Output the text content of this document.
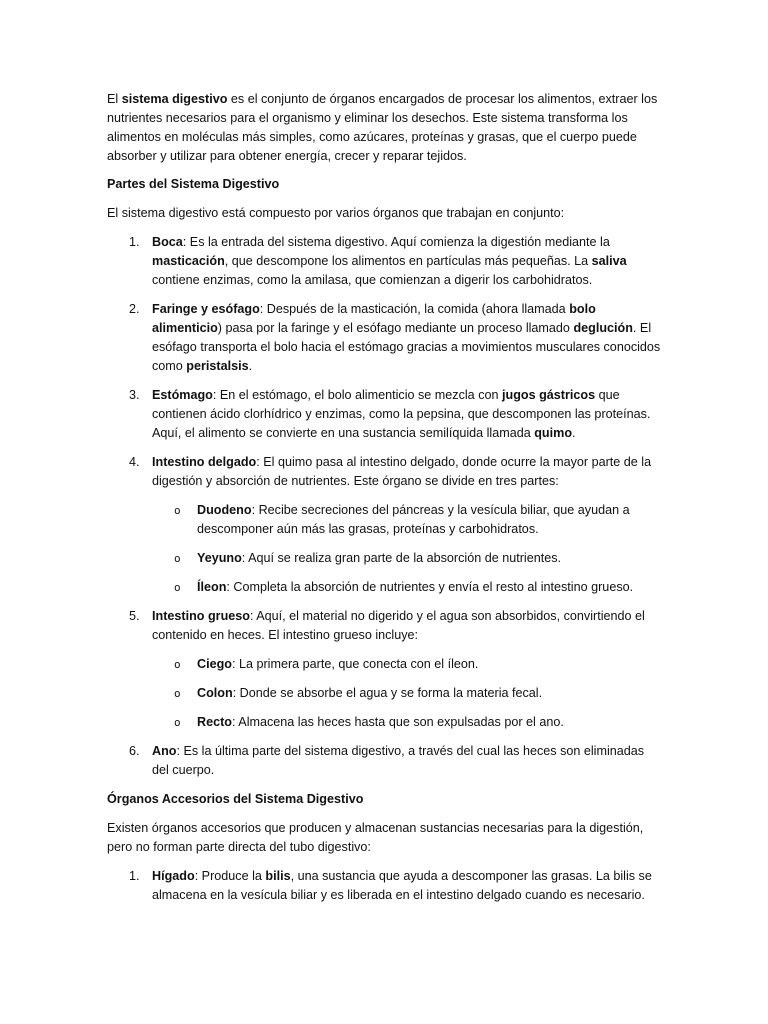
El sistema digestivo es el conjunto de órganos encargados de procesar los alimentos, extraer los nutrientes necesarios para el organismo y eliminar los desechos. Este sistema transforma los alimentos en moléculas más simples, como azúcares, proteínas y grasas, que el cuerpo puede absorber y utilizar para obtener energía, crecer y reparar tejidos.

Partes del Sistema Digestivo

El sistema digestivo está compuesto por varios órganos que trabajan en conjunto:

1. Boca: Es la entrada del sistema digestivo. Aquí comienza la digestión mediante la masticación, que descompone los alimentos en partículas más pequeñas. La saliva contiene enzimas, como la amilasa, que comienzan a digerir los carbohidratos.
2. Faringe y esófago: Después de la masticación, la comida (ahora llamada bolo alimenticio) pasa por la faringe y el esófago mediante un proceso llamado deglución. El esófago transporta el bolo hacia el estómago gracias a movimientos musculares conocidos como peristalsis.
3. Estómago: En el estómago, el bolo alimenticio se mezcla con jugos gástricos que contienen ácido clorhídrico y enzimas, como la pepsina, que descomponen las proteínas. Aquí, el alimento se convierte en una sustancia semilíquida llamada quimo.
4. Intestino delgado: El quimo pasa al intestino delgado, donde ocurre la mayor parte de la digestión y absorción de nutrientes. Este órgano se divide en tres partes:
o Duodeno: Recibe secreciones del páncreas y la vesícula biliar, que ayudan a descomponer aún más las grasas, proteínas y carbohidratos.
o Yeyuno: Aquí se realiza gran parte de la absorción de nutrientes.
o Íleon: Completa la absorción de nutrientes y envía el resto al intestino grueso.
5. Intestino grueso: Aquí, el material no digerido y el agua son absorbidos, convirtiendo el contenido en heces. El intestino grueso incluye:
o Ciego: La primera parte, que conecta con el íleon.
o Colon: Donde se absorbe el agua y se forma la materia fecal.
o Recto: Almacena las heces hasta que son expulsadas por el ano.
6. Ano: Es la última parte del sistema digestivo, a través del cual las heces son eliminadas del cuerpo.

Órganos Accesorios del Sistema Digestivo

Existen órganos accesorios que producen y almacenan sustancias necesarias para la digestión, pero no forman parte directa del tubo digestivo:

1. Hígado: Produce la bilis, una sustancia que ayuda a descomponer las grasas. La bilis se almacena en la vesícula biliar y es liberada en el intestino delgado cuando es necesario.
